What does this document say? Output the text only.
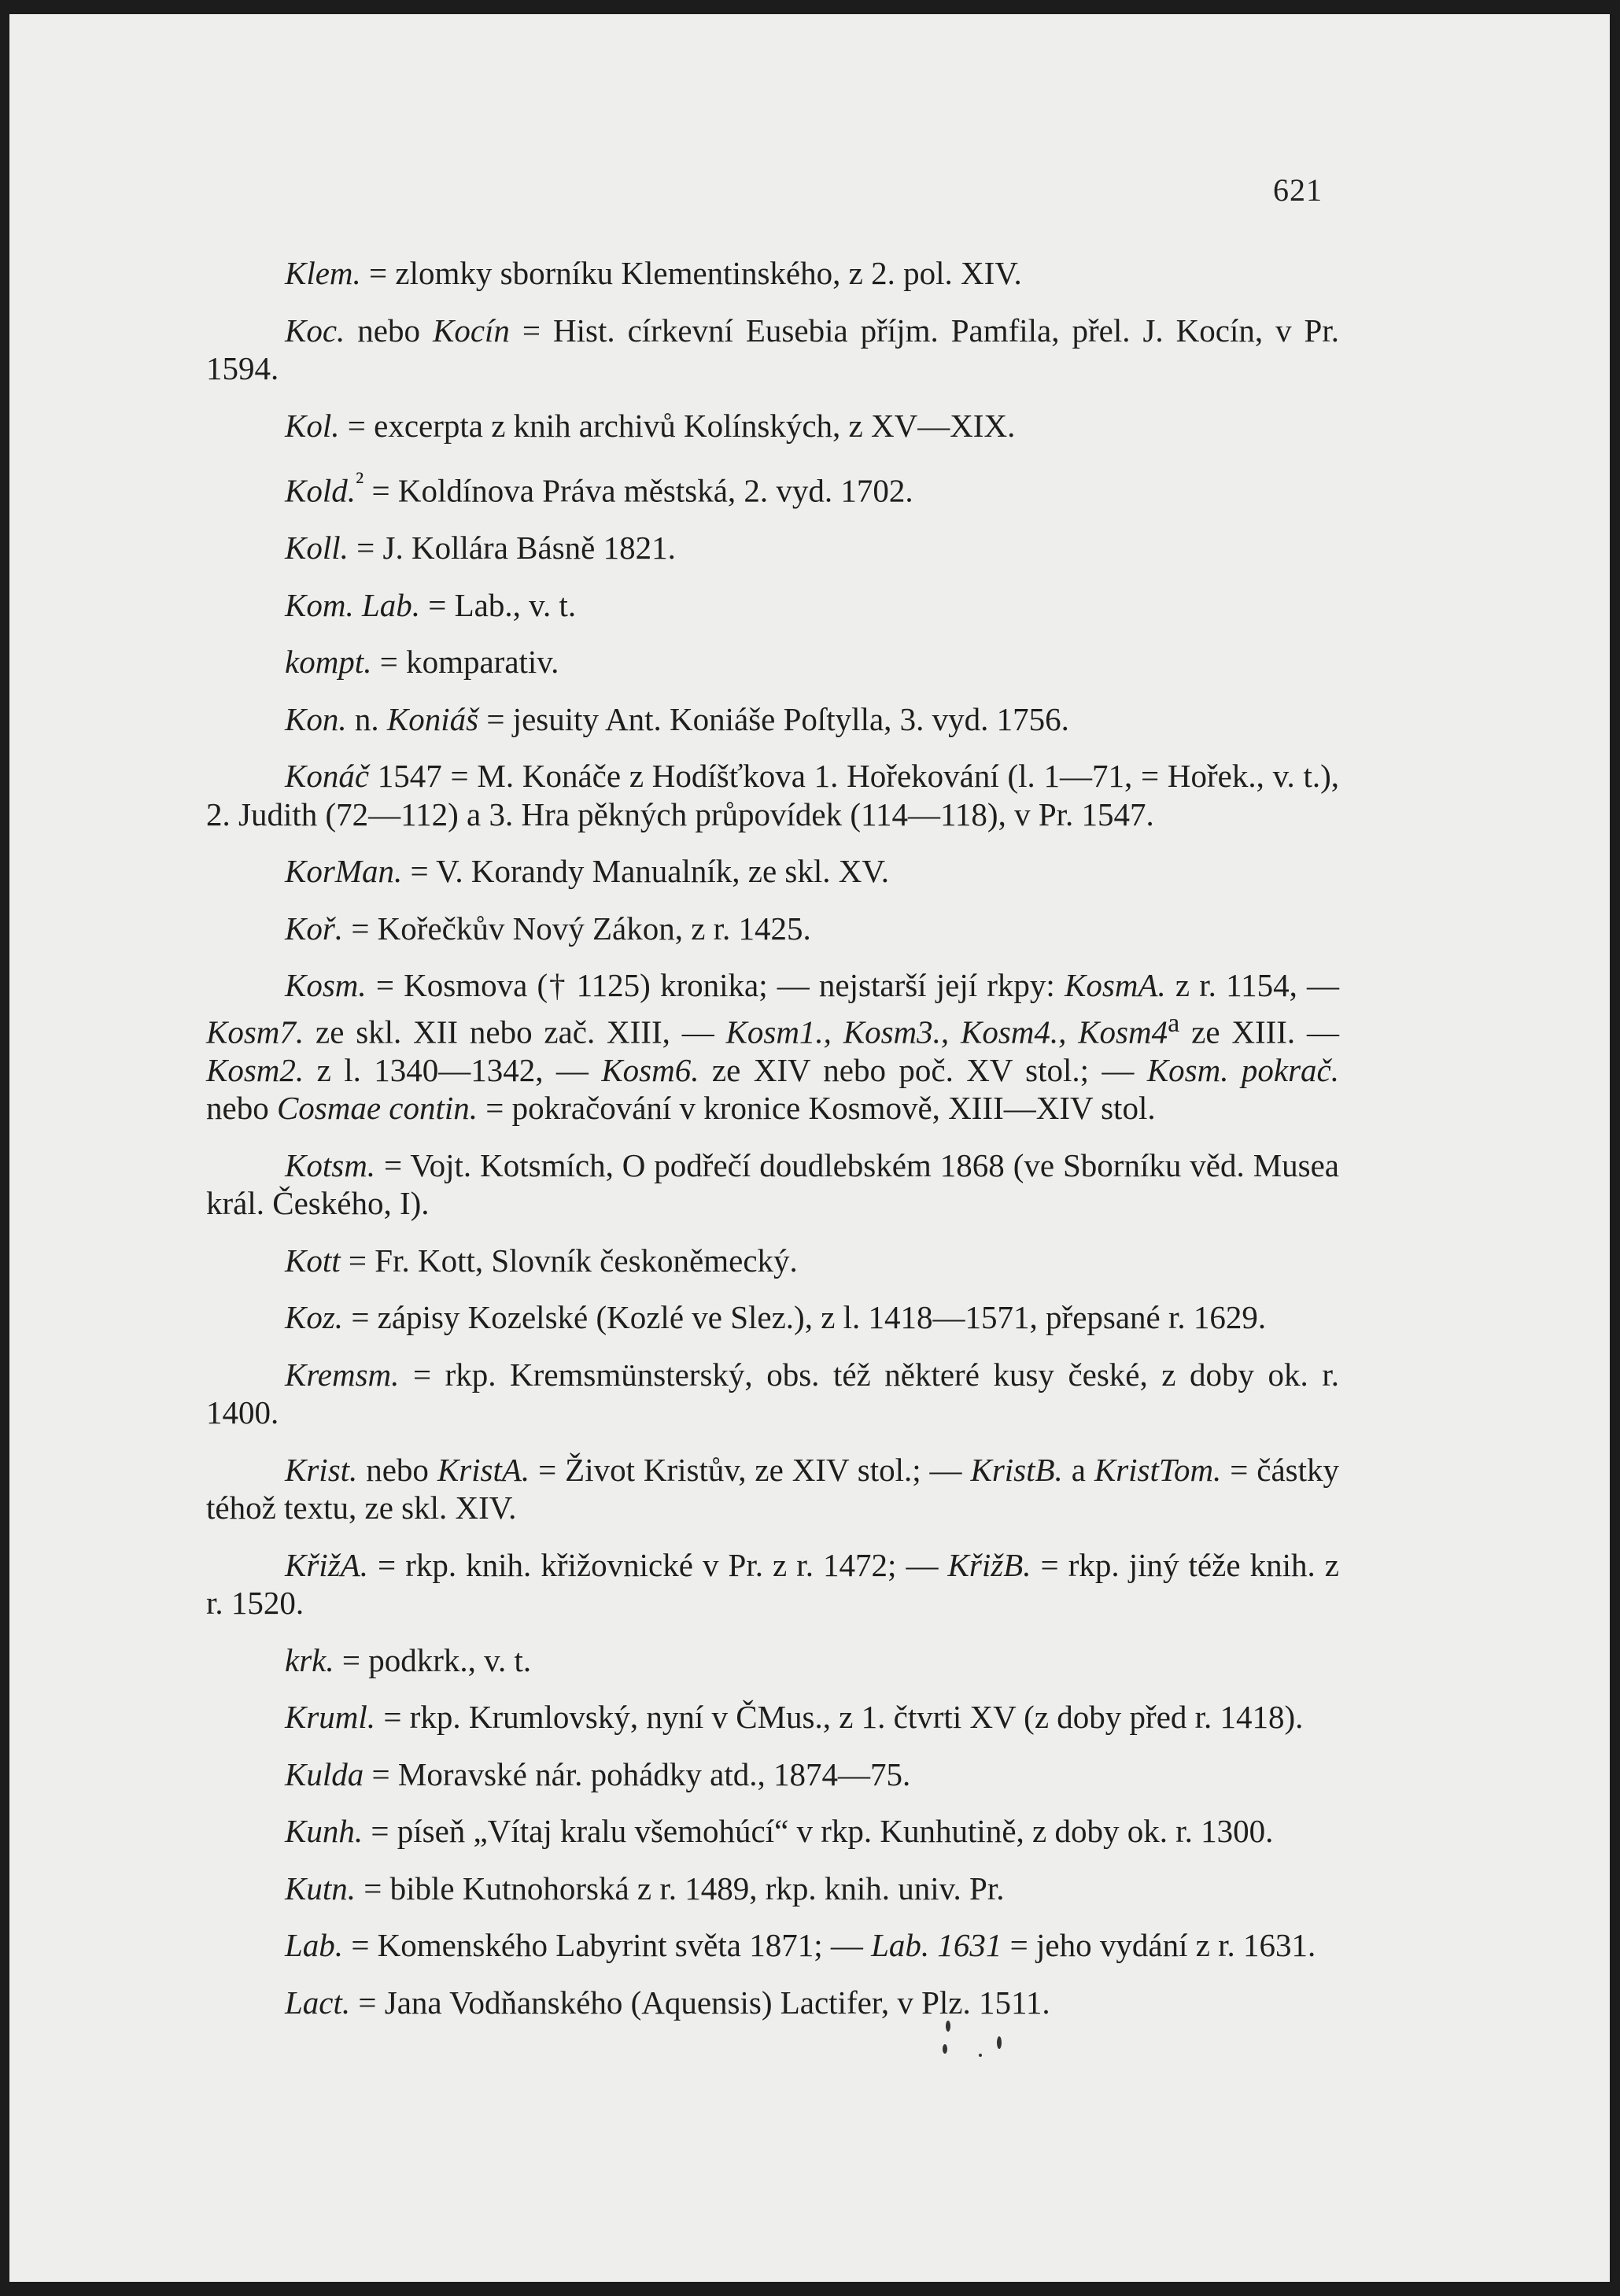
621

Klem. = zlomky sborníku Klementinského, z 2. pol. XIV.

Koc. nebo Kocín = Hist. církevní Eusebia příjm. Pamfila, přel. J. Kocín, v Pr. 1594.

Kol. = excerpta z knih archivů Kolínských, z XV—XIX.

Kold.$^{^2}$ = Koldínova Práva městská, 2. vyd. 1702.

Koll. = J. Kollára Básně 1821.

Kom. Lab. = Lab., v. t.

kompt. = komparativ.

Kon. n. Koniáš = jesuity Ant. Koniáše Poſtylla, 3. vyd. 1756.

Konáč 1547 = M. Konáče z Hodíšťkova 1. Hořekování (l. 1—71, = Hořek., v. t.), 2. Judith (72—112) a 3. Hra pěkných průpovídek (114—118), v Pr. 1547.

KorMan. = V. Korandy Manualník, ze skl. XV.

Koř. = Kořečkův Nový Zákon, z r. 1425.

Kosm. = Kosmova († 1125) kronika; — nejstarší její rkpy: KosmA. z r. 1154, — Kosm7. ze skl. XII nebo zač. XIII, — Kosm1., Kosm3., Kosm4., Kosm4$^a$ ze XIII. — Kosm2. z l. 1340—1342, — Kosm6. ze XIV nebo poč. XV stol.; — Kosm. pokrač. nebo Cosmae contin. = pokračování v kronice Kosmově, XIII—XIV stol.

Kotsm. = Vojt. Kotsmích, O podřečí doudlebském 1868 (ve Sborníku věd. Musea král. Českého, I).

Kott = Fr. Kott, Slovník českoněmecký.

Koz. = zápisy Kozelské (Kozlé ve Slez.), z l. 1418—1571, přepsané r. 1629.

Kremsm. = rkp. Kremsmünsterský, obs. též některé kusy české, z doby ok. r. 1400.

Krist. nebo KristA. = Život Kristův, ze XIV stol.; — KristB. a KristTom. = částky téhož textu, ze skl. XIV.

KřižA. = rkp. knih. křižovnické v Pr. z r. 1472; — KřižB. = rkp. jiný téže knih. z r. 1520.

krk. = podkrk., v. t.

Kruml. = rkp. Krumlovský, nyní v ČMus., z 1. čtvrti XV (z doby před r. 1418).

Kulda = Moravské nár. pohádky atd., 1874—75.

Kunh. = píseň „Vítaj kralu všemohúcí“ v rkp. Kunhutině, z doby ok. r. 1300.

Kutn. = bible Kutnohorská z r. 1489, rkp. knih. univ. Pr.

Lab. = Komenského Labyrint světa 1871; — Lab. 1631 = jeho vydání z r. 1631.

Lact. = Jana Vodňanského (Aquensis) Lactifer, v Plz. 1511.
